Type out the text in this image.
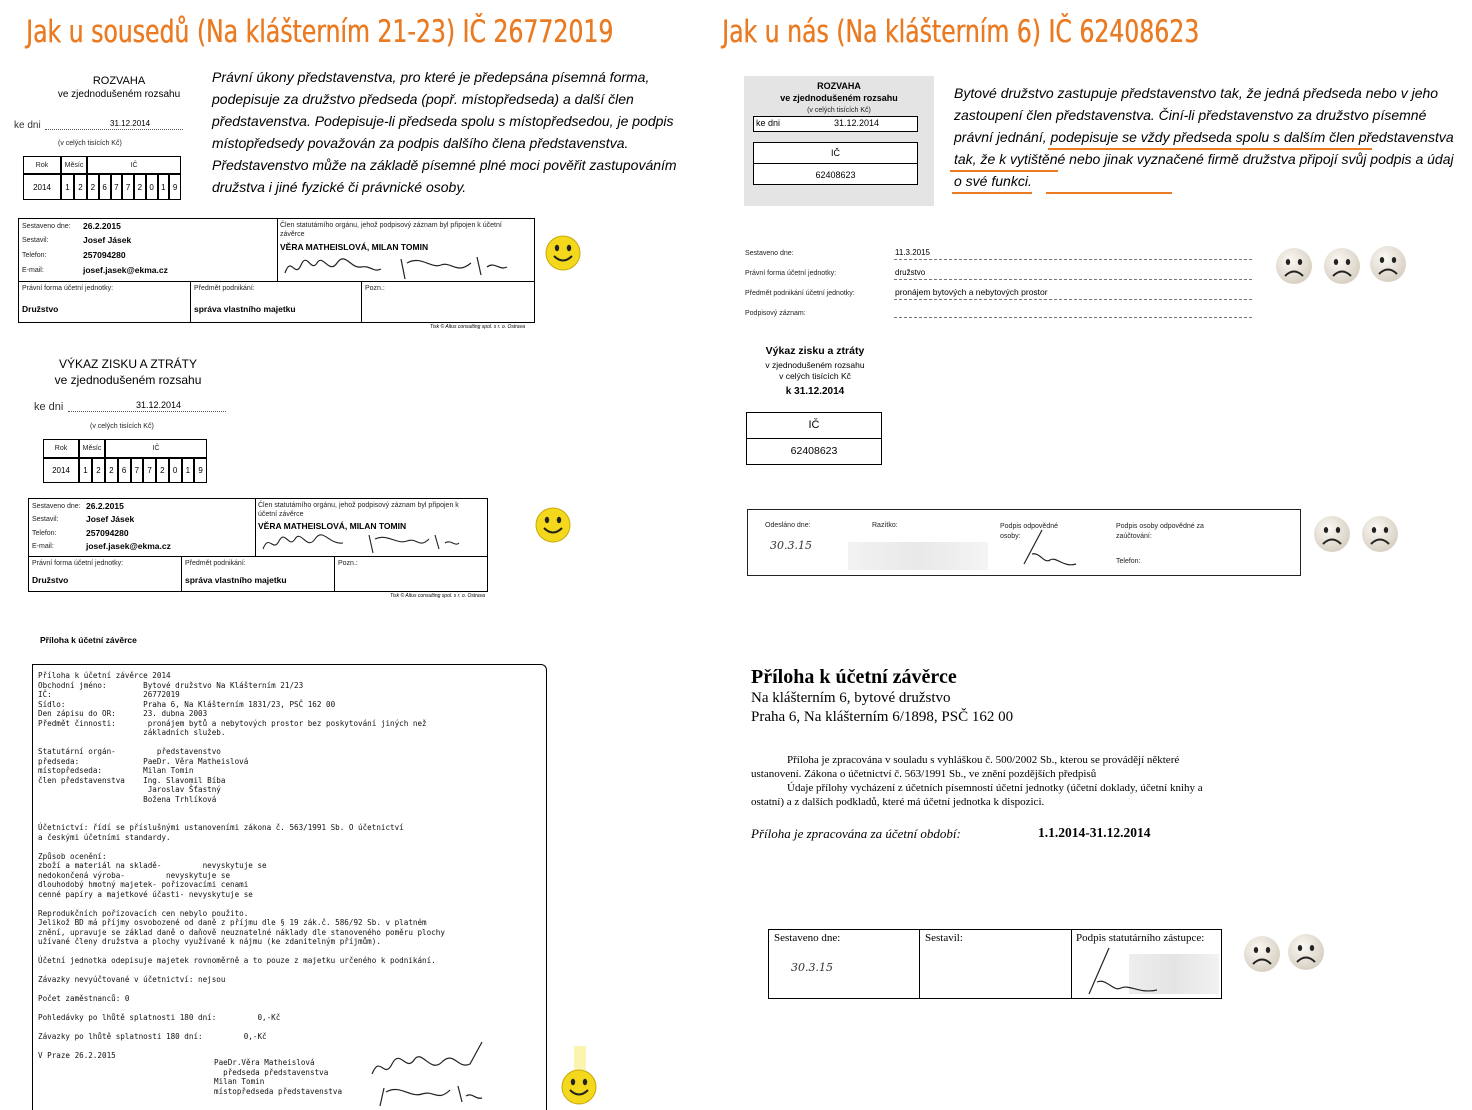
Jak u sousedů (Na klášterním 21-23) IČ 26772019	Jak u nás (Na klášterním 6) IČ 62408623
ROZVAHA
ve zjednodušeném rozsahu
ke dni	31.12.2014
(v celých tisících Kč)
Rok	Měsíc	IČ
2014	1	2 2 6 7 7 2 0 1 9
Právní úkony představenstva, pro které je předepsána písemná forma, podepisuje za družstvo předseda (popř. místopředseda) a další člen představenstva. Podepisuje-li předseda spolu s místopředsedou, je podpis místopředsedy považován za podpis dalšího člena představenstva. Představenstvo může na základě písemné plné moci pověřit zastupováním družstva i jiné fyzické či právnické osoby.
Sestaveno dne: 26.2.2015
Sestavil:	Josef Jásek
Telefon:	257094280
E-mail:	josef.jasek@ekma.cz
Člen statutárního orgánu, jehož podpisový záznam byl připojen k účetní závěrce
VĚRA MATHEISLOVÁ, MILAN TOMIN
Právní forma účetní jednotky:
Družstvo
Předmět podnikání:
správa vlastního majetku
Pozn.:
Tisk © Altus consulting spol. s r. o. Ostrava
VÝKAZ ZISKU A ZTRÁTY
ve zjednodušeném rozsahu
ke dni	31.12.2014
(v celých tisících Kč)
Rok	Měsíc	IČ
2014	1	2	2	6	7	7	2	0	1	9
Sestaveno dne: 26.2.2015
Sestavil:	Josef Jásek
Telefon:	257094280
E-mail:	josef.jasek@ekma.cz
Člen statutárního orgánu, jehož podpisový záznam byl připojen k účetní závěrce
VĚRA MATHEISLOVÁ, MILAN TOMIN
Právní forma účetní jednotky:
Družstvo
Předmět podnikání:
správa vlastního majetku
Pozn.:
Tisk © Altus consulting spol. s r. o. Ostrava
Příloha k účetní závěrce
Příloha k účetní závěrce 2014
Obchodní jméno:        Bytové družstvo Na Klášterním 21/23
IČ:                    26772019
Sídlo:                 Praha 6, Na Klášterním 1831/23, PSČ 162 00
Den zápisu do OR:      23. dubna 2003
Předmět činnosti:       pronájem bytů a nebytových prostor bez poskytování jiných než
základních služeb.

Statutární orgán-         představenstvo
předseda:              PaeDr. Věra Matheislová
místopředseda:         Milan Tomin
člen představenstva    Ing. Slavomil Bíba
Jaroslav Šťastný
Božena Trhlíková

Účetnictví: řídí se příslušnými ustanoveními zákona č. 563/1991 Sb. O účetnictví
a českými účetními standardy.

Způsob ocenění:
zboží a materiál na skladě-         nevyskytuje se
nedokončená výroba-         nevyskytuje se
dlouhodobý hmotný majetek- pořizovacími cenami
cenné papíry a majetkové účasti- nevyskytuje se

Reprodukčních pořizovacích cen nebylo použito.
Jelikož BD má příjmy osvobozené od daně z příjmu dle § 19 zák.č. 586/92 Sb. v platném
znění, upravuje se základ daně o daňově neuznatelné náklady dle stanoveného poměru plochy
užívané členy družstva a plochy využívané k nájmu (ke zdanitelným příjmům).

Účetní jednotka odepisuje majetek rovnoměrně a to pouze z majetku určeného k podnikání.

Závazky nevyúčtované v účetnictví: nejsou

Počet zaměstnanců: 0

Pohledávky po lhůtě splatnosti 180 dní:         0,-Kč

Závazky po lhůtě splatnosti 180 dní:         0,-Kč

V Praze 26.2.2015
PaeDr.Věra Matheislová
předseda představenstva
Milan Tomin
místopředseda představenstva
ROZVAHA
ve zjednodušeném rozsahu
(v celých tisících Kč)
ke dni	31.12.2014
IČ
62408623
Bytové družstvo zastupuje představenstvo tak, že jedná předseda nebo v jeho zastoupení člen představenstva. Činí-li představenstvo za družstvo písemné právní jednání, podepisuje se vždy předseda spolu s dalším člen představenstva tak, že k vytištěné nebo jinak vyznačené firmě družstva připojí svůj podpis a údaj o své funkci.
Sestaveno dne:	11.3.2015
Právní forma účetní jednotky:	družstvo
Předmět podnikání účetní jednotky:	pronájem bytových a nebytových prostor
Podpisový záznam:
Výkaz zisku a ztráty
v zjednodušeném rozsahu
v celých tisících Kč
k 31.12.2014
IČ
62408623
Odesláno dne:
30.3.15
Razítko:	Podpis odpovědné osoby:
Podpis osoby odpovědné za zaúčtování:
Telefon:
Příloha k účetní závěrce
Na klášterním 6, bytové družstvo
Praha 6, Na klášterním 6/1898, PSČ 162 00
Příloha je zpracována v souladu s vyhláškou č. 500/2002 Sb., kterou se provádějí některé ustanovení. Zákona o účetnictví č. 563/1991 Sb., ve znění pozdějších předpisů
Údaje přílohy vycházení z účetních písemností účetní jednotky (účetní doklady, účetní knihy a ostatní) a z dalších podkladů, které má účetní jednotka k dispozici.
Příloha je zpracována za účetní období:	1.1.2014-31.12.2014
Sestaveno dne:
30.3.15
Sestavil:	Podpis statutárního zástupce:
